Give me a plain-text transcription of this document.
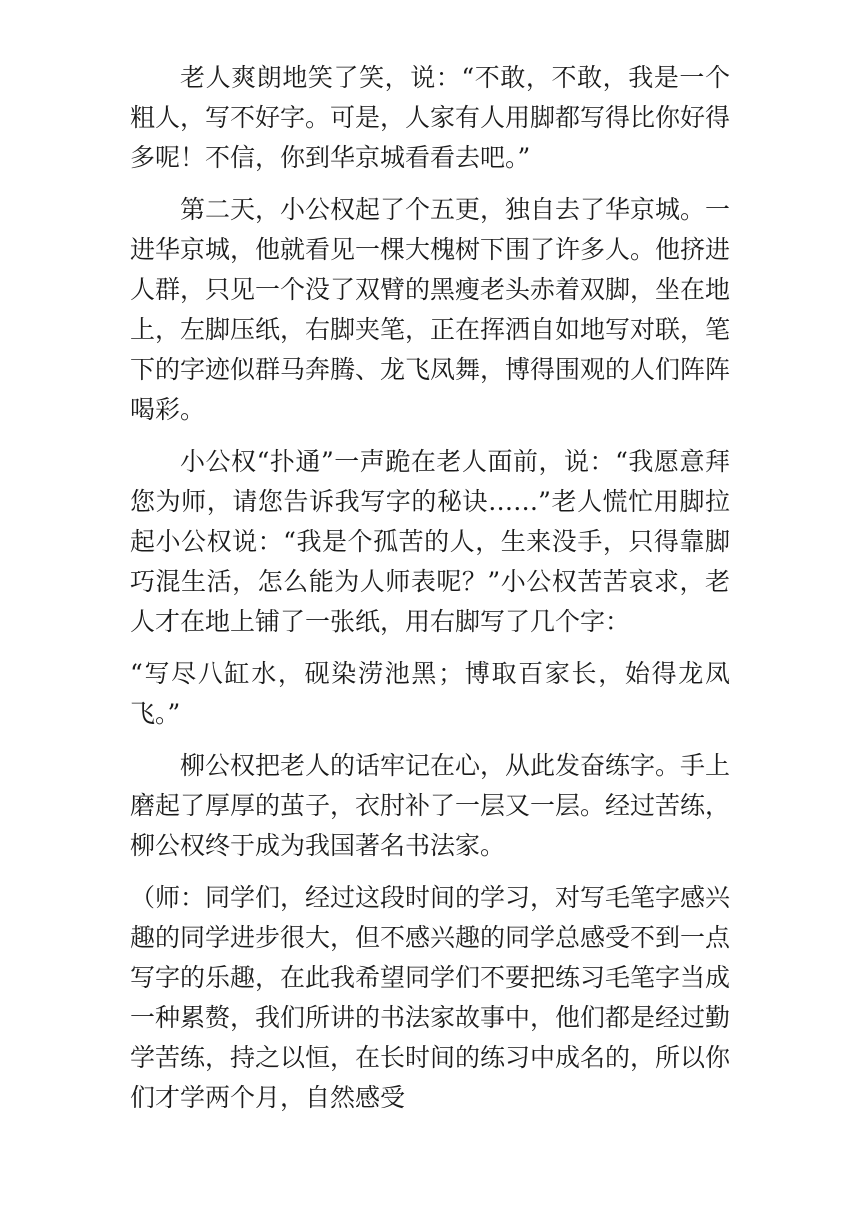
老人爽朗地笑了笑，说：“不敢，不敢，我是一个粗人，写不好字。可是，人家有人用脚都写得比你好得多呢！不信，你到华京城看看去吧。”

第二天，小公权起了个五更，独自去了华京城。一进华京城，他就看见一棵大槐树下围了许多人。他挤进人群，只见一个没了双臂的黑瘦老头赤着双脚，坐在地上，左脚压纸，右脚夹笔，正在挥洒自如地写对联，笔下的字迹似群马奔腾、龙飞凤舞，博得围观的人们阵阵喝彩。

小公权“扑通”一声跪在老人面前，说：“我愿意拜您为师，请您告诉我写字的秘诀……”老人慌忙用脚拉起小公权说：“我是个孤苦的人，生来没手，只得靠脚巧混生活，怎么能为人师表呢？”小公权苦苦哀求，老人才在地上铺了一张纸，用右脚写了几个字：

“写尽八缸水，砚染涝池黑；博取百家长，始得龙凤飞。”

柳公权把老人的话牢记在心，从此发奋练字。手上磨起了厚厚的茧子，衣肘补了一层又一层。经过苦练，柳公权终于成为我国著名书法家。

（师：同学们，经过这段时间的学习，对写毛笔字感兴趣的同学进步很大，但不感兴趣的同学总感受不到一点写字的乐趣，在此我希望同学们不要把练习毛笔字当成一种累赘，我们所讲的书法家故事中，他们都是经过勤学苦练，持之以恒，在长时间的练习中成名的，所以你们才学两个月，自然感受
